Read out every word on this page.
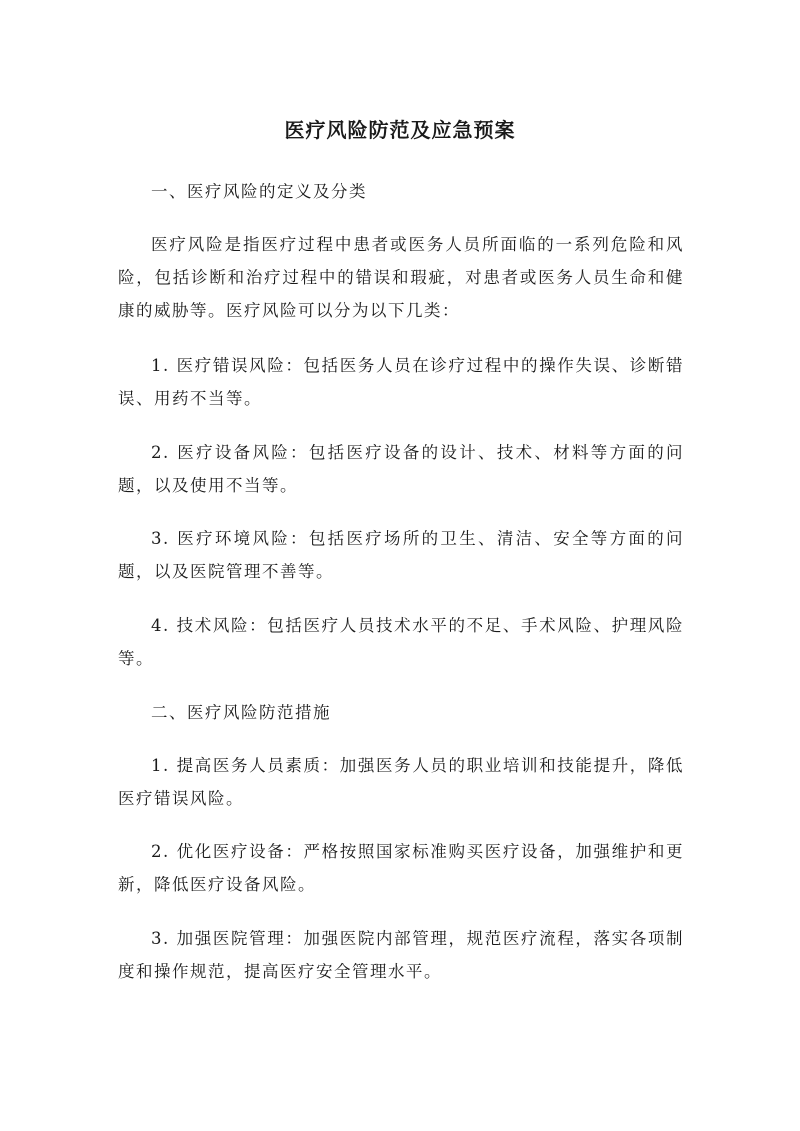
医疗风险防范及应急预案

一、医疗风险的定义及分类

医疗风险是指医疗过程中患者或医务人员所面临的一系列危险和风险，包括诊断和治疗过程中的错误和瑕疵，对患者或医务人员生命和健康的威胁等。医疗风险可以分为以下几类：

1. 医疗错误风险：包括医务人员在诊疗过程中的操作失误、诊断错误、用药不当等。

2. 医疗设备风险：包括医疗设备的设计、技术、材料等方面的问题，以及使用不当等。

3. 医疗环境风险：包括医疗场所的卫生、清洁、安全等方面的问题，以及医院管理不善等。

4. 技术风险：包括医疗人员技术水平的不足、手术风险、护理风险等。

二、医疗风险防范措施

1. 提高医务人员素质：加强医务人员的职业培训和技能提升，降低医疗错误风险。

2. 优化医疗设备：严格按照国家标准购买医疗设备，加强维护和更新，降低医疗设备风险。

3. 加强医院管理：加强医院内部管理，规范医疗流程，落实各项制度和操作规范，提高医疗安全管理水平。
